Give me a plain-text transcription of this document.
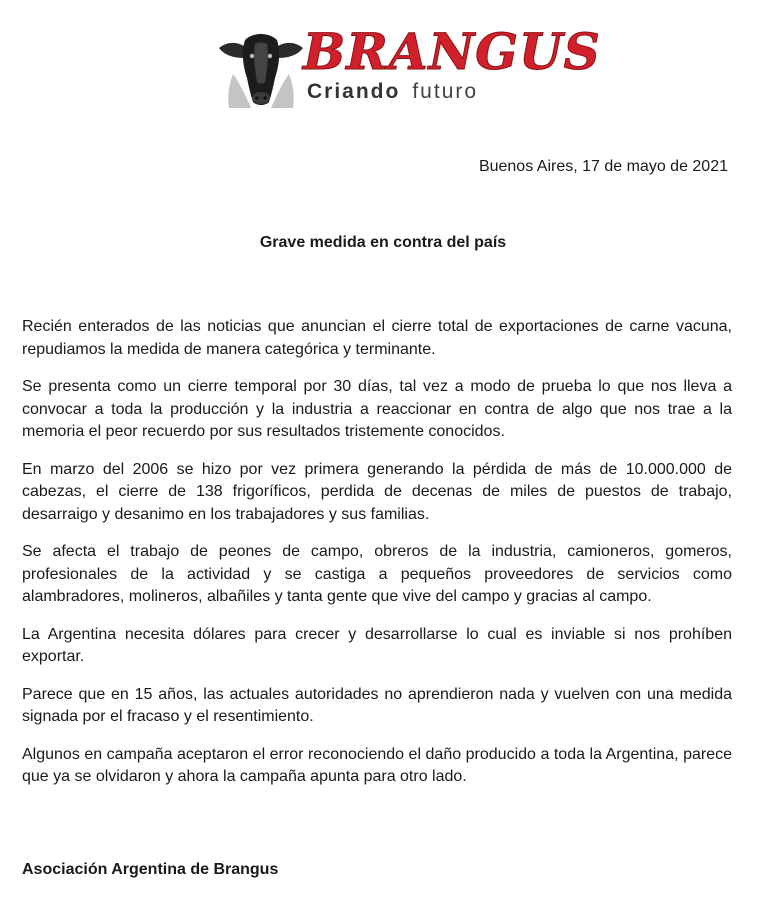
BRANGUS
Criando futuro
Buenos Aires, 17 de mayo de 2021
Grave medida en contra del país

Recién enterados de las noticias que anuncian el cierre total de exportaciones de carne vacuna, repudiamos la medida de manera categórica y terminante.

Se presenta como un cierre temporal por 30 días, tal vez a modo de prueba lo que nos lleva a convocar a toda la producción y la industria a reaccionar en contra de algo que nos trae a la memoria el peor recuerdo por sus resultados tristemente conocidos.

En marzo del 2006 se hizo por vez primera generando la pérdida de más de 10.000.000 de cabezas, el cierre de 138 frigoríficos, perdida de decenas de miles de puestos de trabajo, desarraigo y desanimo en los trabajadores y sus familias.

Se afecta el trabajo de peones de campo, obreros de la industria, camioneros, gomeros, profesionales de la actividad y se castiga a pequeños proveedores de servicios como alambradores, molineros, albañiles y tanta gente que vive del campo y gracias al campo.

La Argentina necesita dólares para crecer y desarrollarse lo cual es inviable si nos prohíben exportar.

Parece que en 15 años, las actuales autoridades no aprendieron nada y vuelven con una medida signada por el fracaso y el resentimiento.

Algunos en campaña aceptaron el error reconociendo el daño producido a toda la Argentina, parece que ya se olvidaron y ahora la campaña apunta para otro lado.

Asociación Argentina de Brangus
